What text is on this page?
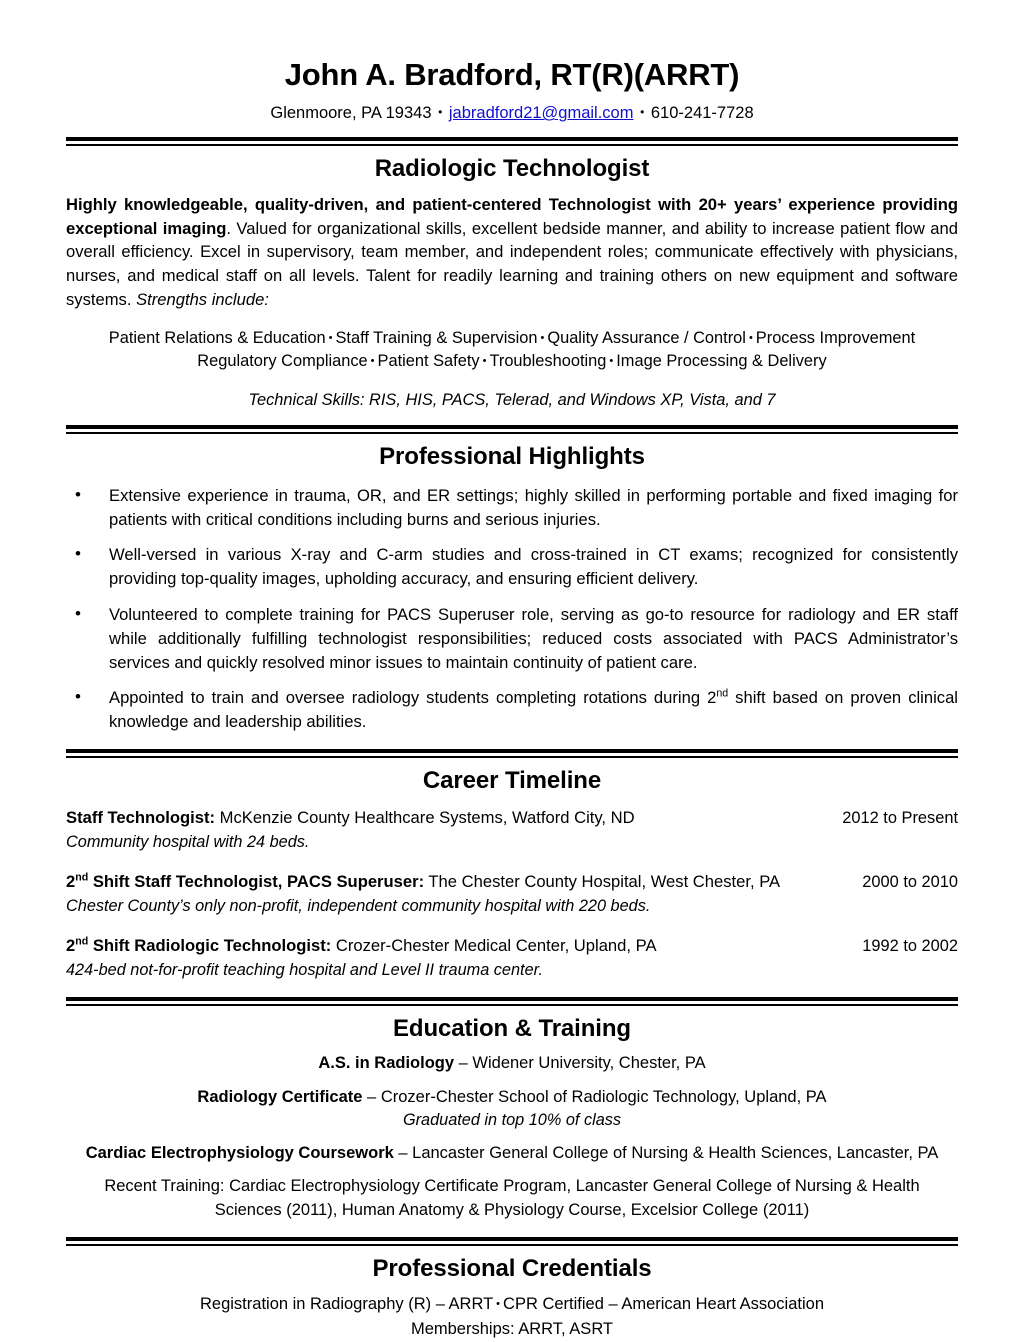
John A. Bradford, RT(R)(ARRT)
Glenmoore, PA 19343 • jabradford21@gmail.com • 610-241-7728
Radiologic Technologist
Highly knowledgeable, quality-driven, and patient-centered Technologist with 20+ years’ experience providing exceptional imaging. Valued for organizational skills, excellent bedside manner, and ability to increase patient flow and overall efficiency. Excel in supervisory, team member, and independent roles; communicate effectively with physicians, nurses, and medical staff on all levels. Talent for readily learning and training others on new equipment and software systems. Strengths include:
Patient Relations & Education • Staff Training & Supervision • Quality Assurance / Control • Process Improvement
Regulatory Compliance • Patient Safety • Troubleshooting • Image Processing & Delivery
Technical Skills: RIS, HIS, PACS, Telerad, and Windows XP, Vista, and 7
Professional Highlights
• Extensive experience in trauma, OR, and ER settings; highly skilled in performing portable and fixed imaging for patients with critical conditions including burns and serious injuries.
• Well-versed in various X-ray and C-arm studies and cross-trained in CT exams; recognized for consistently providing top-quality images, upholding accuracy, and ensuring efficient delivery.
• Volunteered to complete training for PACS Superuser role, serving as go-to resource for radiology and ER staff while additionally fulfilling technologist responsibilities; reduced costs associated with PACS Administrator’s services and quickly resolved minor issues to maintain continuity of patient care.
• Appointed to train and oversee radiology students completing rotations during 2nd shift based on proven clinical knowledge and leadership abilities.
Career Timeline
Staff Technologist: McKenzie County Healthcare Systems, Watford City, ND	2012 to Present
Community hospital with 24 beds.
2nd Shift Staff Technologist, PACS Superuser: The Chester County Hospital, West Chester, PA	2000 to 2010
Chester County’s only non-profit, independent community hospital with 220 beds.
2nd Shift Radiologic Technologist: Crozer-Chester Medical Center, Upland, PA	1992 to 2002
424-bed not-for-profit teaching hospital and Level II trauma center.
Education & Training
A.S. in Radiology – Widener University, Chester, PA
Radiology Certificate – Crozer-Chester School of Radiologic Technology, Upland, PA
Graduated in top 10% of class
Cardiac Electrophysiology Coursework – Lancaster General College of Nursing & Health Sciences, Lancaster, PA
Recent Training: Cardiac Electrophysiology Certificate Program, Lancaster General College of Nursing & Health Sciences (2011), Human Anatomy & Physiology Course, Excelsior College (2011)
Professional Credentials
Registration in Radiography (R) – ARRT • CPR Certified – American Heart Association
Memberships: ARRT, ASRT
